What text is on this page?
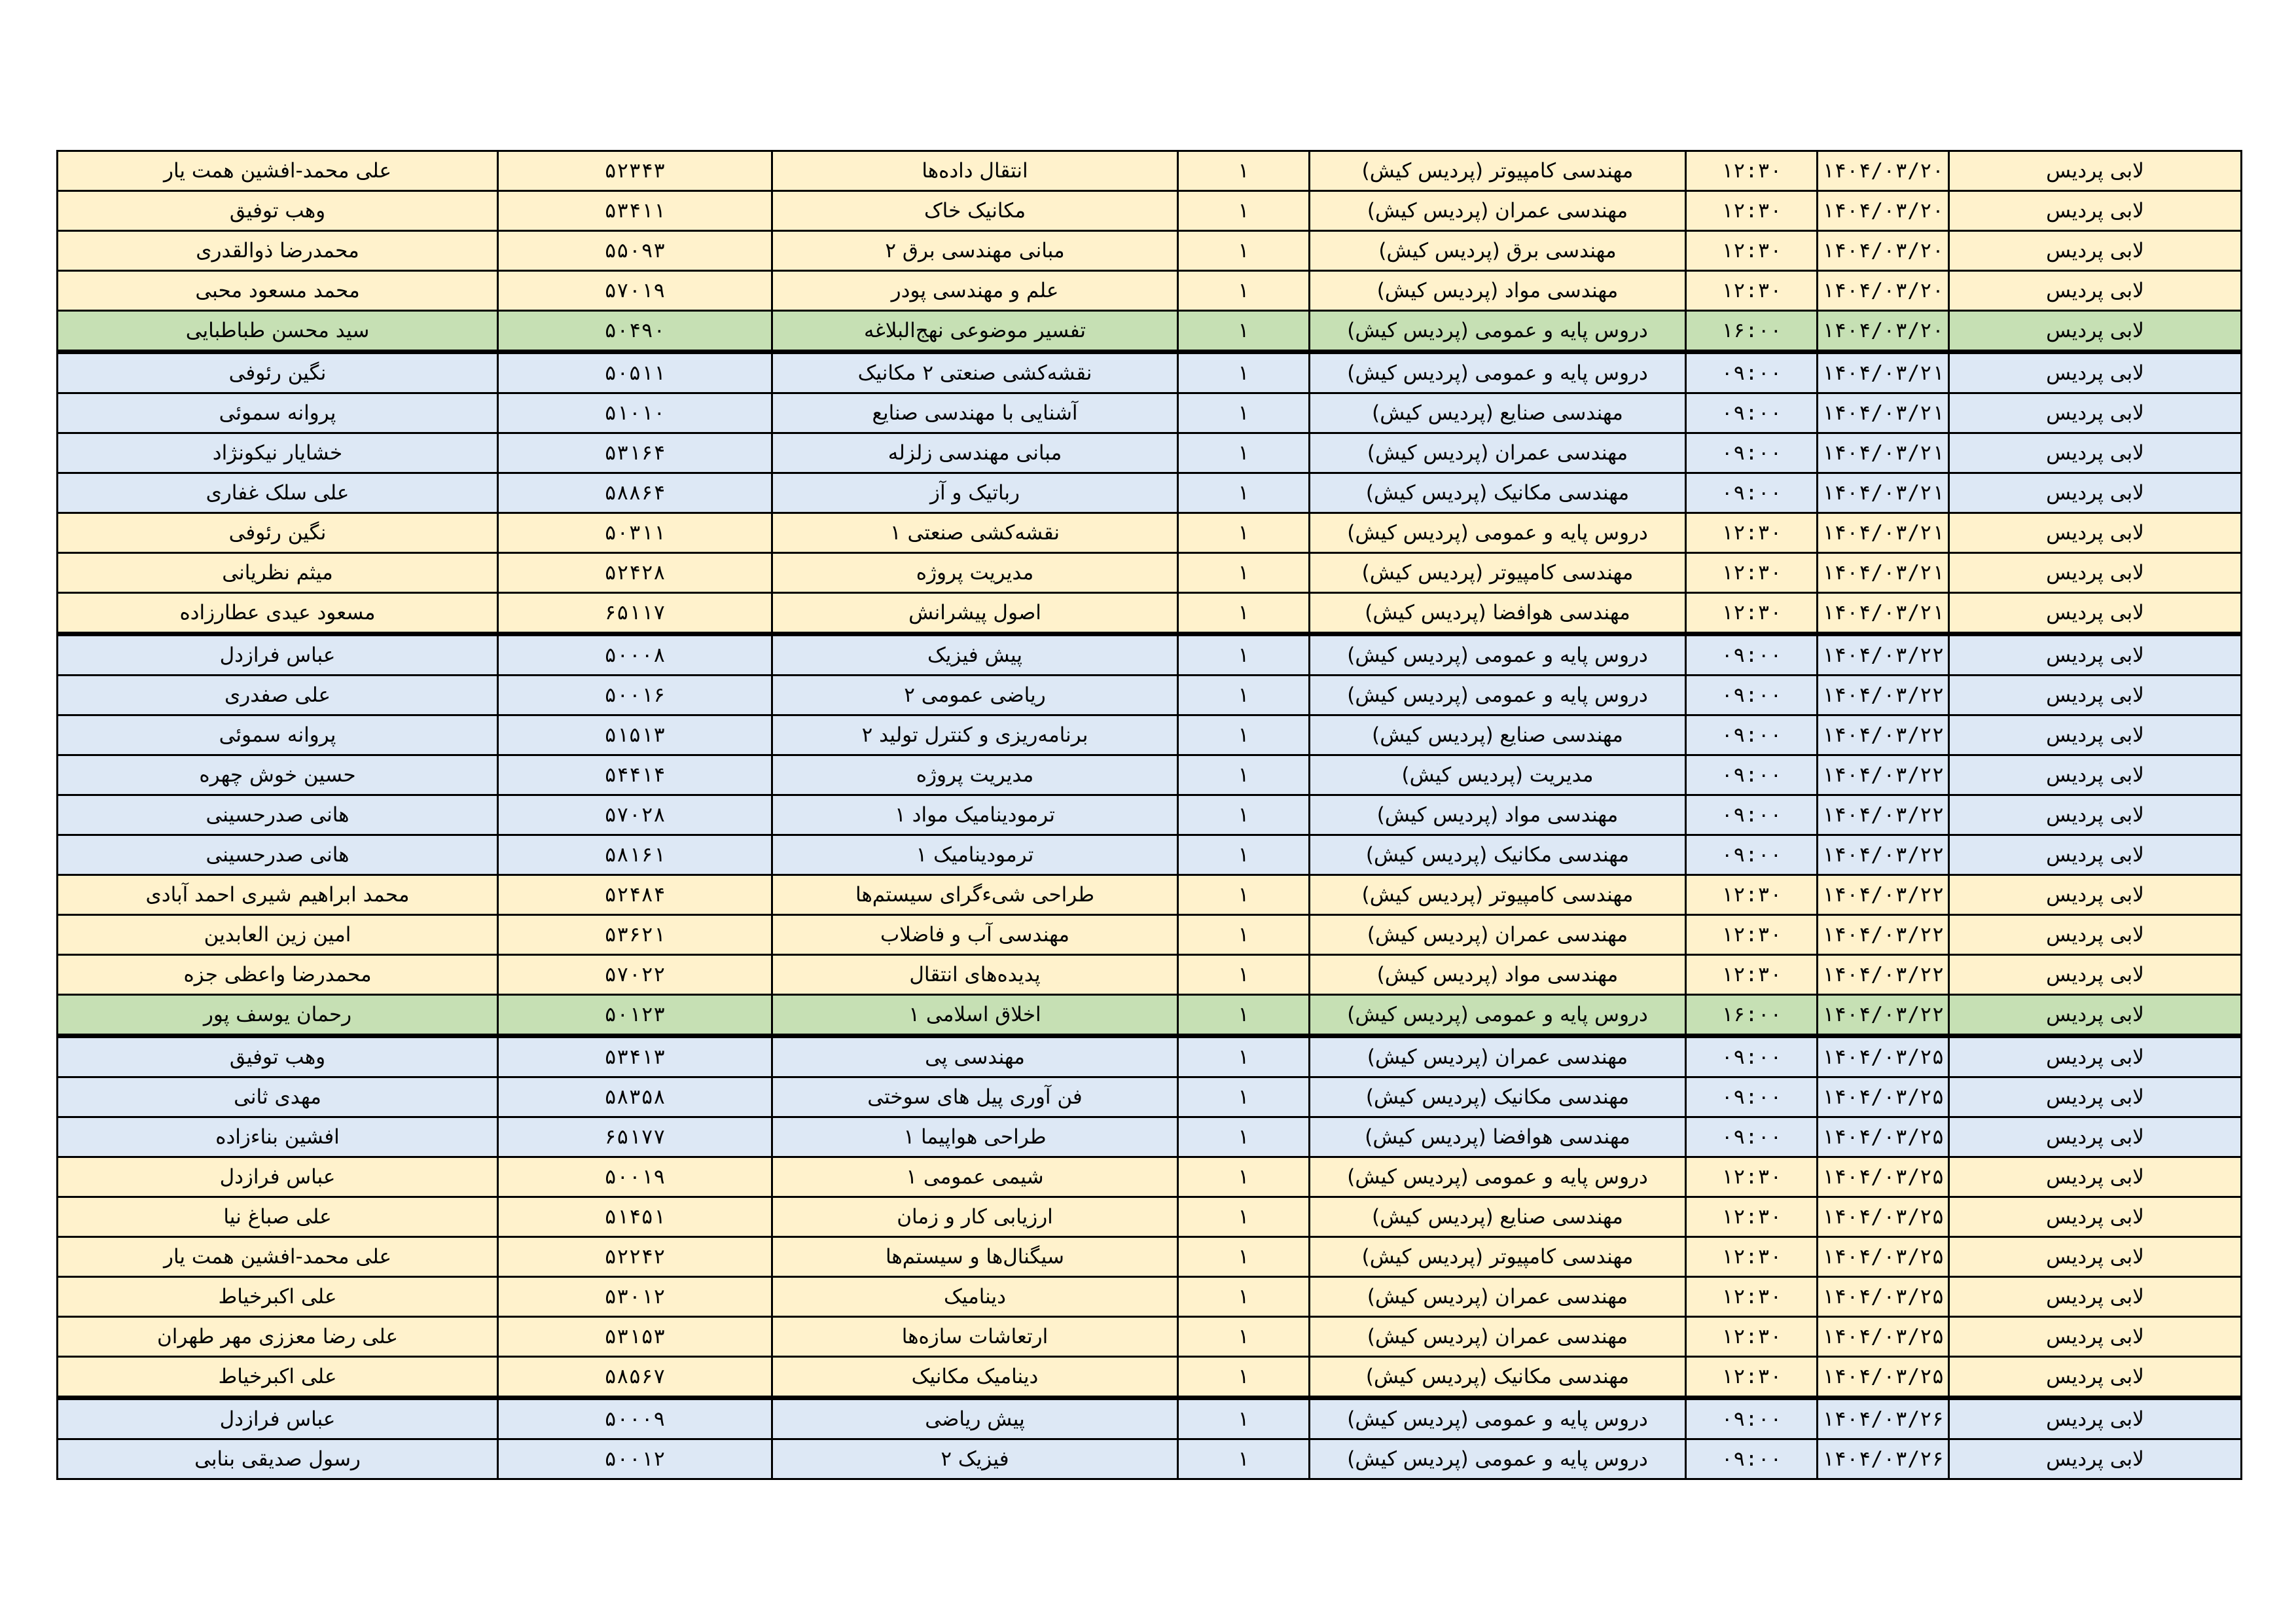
لابی پردیس	۱۴۰۴/۰۳/۲۰	۱۲:۳۰	مهندسی کامپیوتر (پردیس کیش)	۱	انتقال داده‌ها	۵۲۳۴۳	علی محمد-افشین همت یار
لابی پردیس	۱۴۰۴/۰۳/۲۰	۱۲:۳۰	مهندسی عمران (پردیس کیش)	۱	مکانیک خاک	۵۳۴۱۱	وهب توفیق
لابی پردیس	۱۴۰۴/۰۳/۲۰	۱۲:۳۰	مهندسی برق (پردیس کیش)	۱	مبانی مهندسی برق ۲	۵۵۰۹۳	محمدرضا ذوالقدری
لابی پردیس	۱۴۰۴/۰۳/۲۰	۱۲:۳۰	مهندسی مواد (پردیس کیش)	۱	علم و مهندسی پودر	۵۷۰۱۹	محمد مسعود محبی
لابی پردیس	۱۴۰۴/۰۳/۲۰	۱۶:۰۰	دروس پایه و عمومی (پردیس کیش)	۱	تفسیر موضوعی نهج‌البلاغه	۵۰۴۹۰	سید محسن طباطبایی
لابی پردیس	۱۴۰۴/۰۳/۲۱	۰۹:۰۰	دروس پایه و عمومی (پردیس کیش)	۱	نقشه‌کشی صنعتی ۲ مکانیک	۵۰۵۱۱	نگین رئوفی
لابی پردیس	۱۴۰۴/۰۳/۲۱	۰۹:۰۰	مهندسی صنایع (پردیس کیش)	۱	آشنایی با مهندسی صنایع	۵۱۰۱۰	پروانه سموئی
لابی پردیس	۱۴۰۴/۰۳/۲۱	۰۹:۰۰	مهندسی عمران (پردیس کیش)	۱	مبانی مهندسی زلزله	۵۳۱۶۴	خشایار نیکونژاد
لابی پردیس	۱۴۰۴/۰۳/۲۱	۰۹:۰۰	مهندسی مکانیک (پردیس کیش)	۱	رباتیک و آز	۵۸۸۶۴	علی سلک غفاری
لابی پردیس	۱۴۰۴/۰۳/۲۱	۱۲:۳۰	دروس پایه و عمومی (پردیس کیش)	۱	نقشه‌کشی صنعتی ۱	۵۰۳۱۱	نگین رئوفی
لابی پردیس	۱۴۰۴/۰۳/۲۱	۱۲:۳۰	مهندسی کامپیوتر (پردیس کیش)	۱	مدیریت پروژه	۵۲۴۲۸	میثم نظریانی
لابی پردیس	۱۴۰۴/۰۳/۲۱	۱۲:۳۰	مهندسی هوافضا (پردیس کیش)	۱	اصول پیشرانش	۶۵۱۱۷	مسعود عیدی عطارزاده
لابی پردیس	۱۴۰۴/۰۳/۲۲	۰۹:۰۰	دروس پایه و عمومی (پردیس کیش)	۱	پیش فیزیک	۵۰۰۰۸	عباس فرازدل
لابی پردیس	۱۴۰۴/۰۳/۲۲	۰۹:۰۰	دروس پایه و عمومی (پردیس کیش)	۱	ریاضی عمومی ۲	۵۰۰۱۶	علی صفدری
لابی پردیس	۱۴۰۴/۰۳/۲۲	۰۹:۰۰	مهندسی صنایع (پردیس کیش)	۱	برنامه‌ریزی و کنترل تولید ۲	۵۱۵۱۳	پروانه سموئی
لابی پردیس	۱۴۰۴/۰۳/۲۲	۰۹:۰۰	مدیریت (پردیس کیش)	۱	مدیریت پروژه	۵۴۴۱۴	حسین خوش چهره
لابی پردیس	۱۴۰۴/۰۳/۲۲	۰۹:۰۰	مهندسی مواد (پردیس کیش)	۱	ترمودینامیک مواد ۱	۵۷۰۲۸	هانی صدرحسینی
لابی پردیس	۱۴۰۴/۰۳/۲۲	۰۹:۰۰	مهندسی مکانیک (پردیس کیش)	۱	ترمودینامیک ۱	۵۸۱۶۱	هانی صدرحسینی
لابی پردیس	۱۴۰۴/۰۳/۲۲	۱۲:۳۰	مهندسی کامپیوتر (پردیس کیش)	۱	طراحی شیءگرای سیستم‌ها	۵۲۴۸۴	محمد ابراهیم شیری احمد آبادی
لابی پردیس	۱۴۰۴/۰۳/۲۲	۱۲:۳۰	مهندسی عمران (پردیس کیش)	۱	مهندسی آب و فاضلاب	۵۳۶۲۱	امین زین العابدین
لابی پردیس	۱۴۰۴/۰۳/۲۲	۱۲:۳۰	مهندسی مواد (پردیس کیش)	۱	پدیده‌های انتقال	۵۷۰۲۲	محمدرضا واعظی جزه
لابی پردیس	۱۴۰۴/۰۳/۲۲	۱۶:۰۰	دروس پایه و عمومی (پردیس کیش)	۱	اخلاق اسلامی ۱	۵۰۱۲۳	رحمان یوسف پور
لابی پردیس	۱۴۰۴/۰۳/۲۵	۰۹:۰۰	مهندسی عمران (پردیس کیش)	۱	مهندسی پی	۵۳۴۱۳	وهب توفیق
لابی پردیس	۱۴۰۴/۰۳/۲۵	۰۹:۰۰	مهندسی مکانیک (پردیس کیش)	۱	فن آوری پیل های سوختی	۵۸۳۵۸	مهدی ثانی
لابی پردیس	۱۴۰۴/۰۳/۲۵	۰۹:۰۰	مهندسی هوافضا (پردیس کیش)	۱	طراحی هواپیما ۱	۶۵۱۷۷	افشین بناءزاده
لابی پردیس	۱۴۰۴/۰۳/۲۵	۱۲:۳۰	دروس پایه و عمومی (پردیس کیش)	۱	شیمی عمومی ۱	۵۰۰۱۹	عباس فرازدل
لابی پردیس	۱۴۰۴/۰۳/۲۵	۱۲:۳۰	مهندسی صنایع (پردیس کیش)	۱	ارزیابی کار و زمان	۵۱۴۵۱	علی صباغ نیا
لابی پردیس	۱۴۰۴/۰۳/۲۵	۱۲:۳۰	مهندسی کامپیوتر (پردیس کیش)	۱	سیگنال‌ها و سیستم‌ها	۵۲۲۴۲	علی محمد-افشین همت یار
لابی پردیس	۱۴۰۴/۰۳/۲۵	۱۲:۳۰	مهندسی عمران (پردیس کیش)	۱	دینامیک	۵۳۰۱۲	علی اکبرخیاط
لابی پردیس	۱۴۰۴/۰۳/۲۵	۱۲:۳۰	مهندسی عمران (پردیس کیش)	۱	ارتعاشات سازه‌ها	۵۳۱۵۳	علی رضا معززی مهر طهران
لابی پردیس	۱۴۰۴/۰۳/۲۵	۱۲:۳۰	مهندسی مکانیک (پردیس کیش)	۱	دینامیک مکانیک	۵۸۵۶۷	علی اکبرخیاط
لابی پردیس	۱۴۰۴/۰۳/۲۶	۰۹:۰۰	دروس پایه و عمومی (پردیس کیش)	۱	پیش ریاضی	۵۰۰۰۹	عباس فرازدل
لابی پردیس	۱۴۰۴/۰۳/۲۶	۰۹:۰۰	دروس پایه و عمومی (پردیس کیش)	۱	فیزیک ۲	۵۰۰۱۲	رسول صدیقی بنابی
